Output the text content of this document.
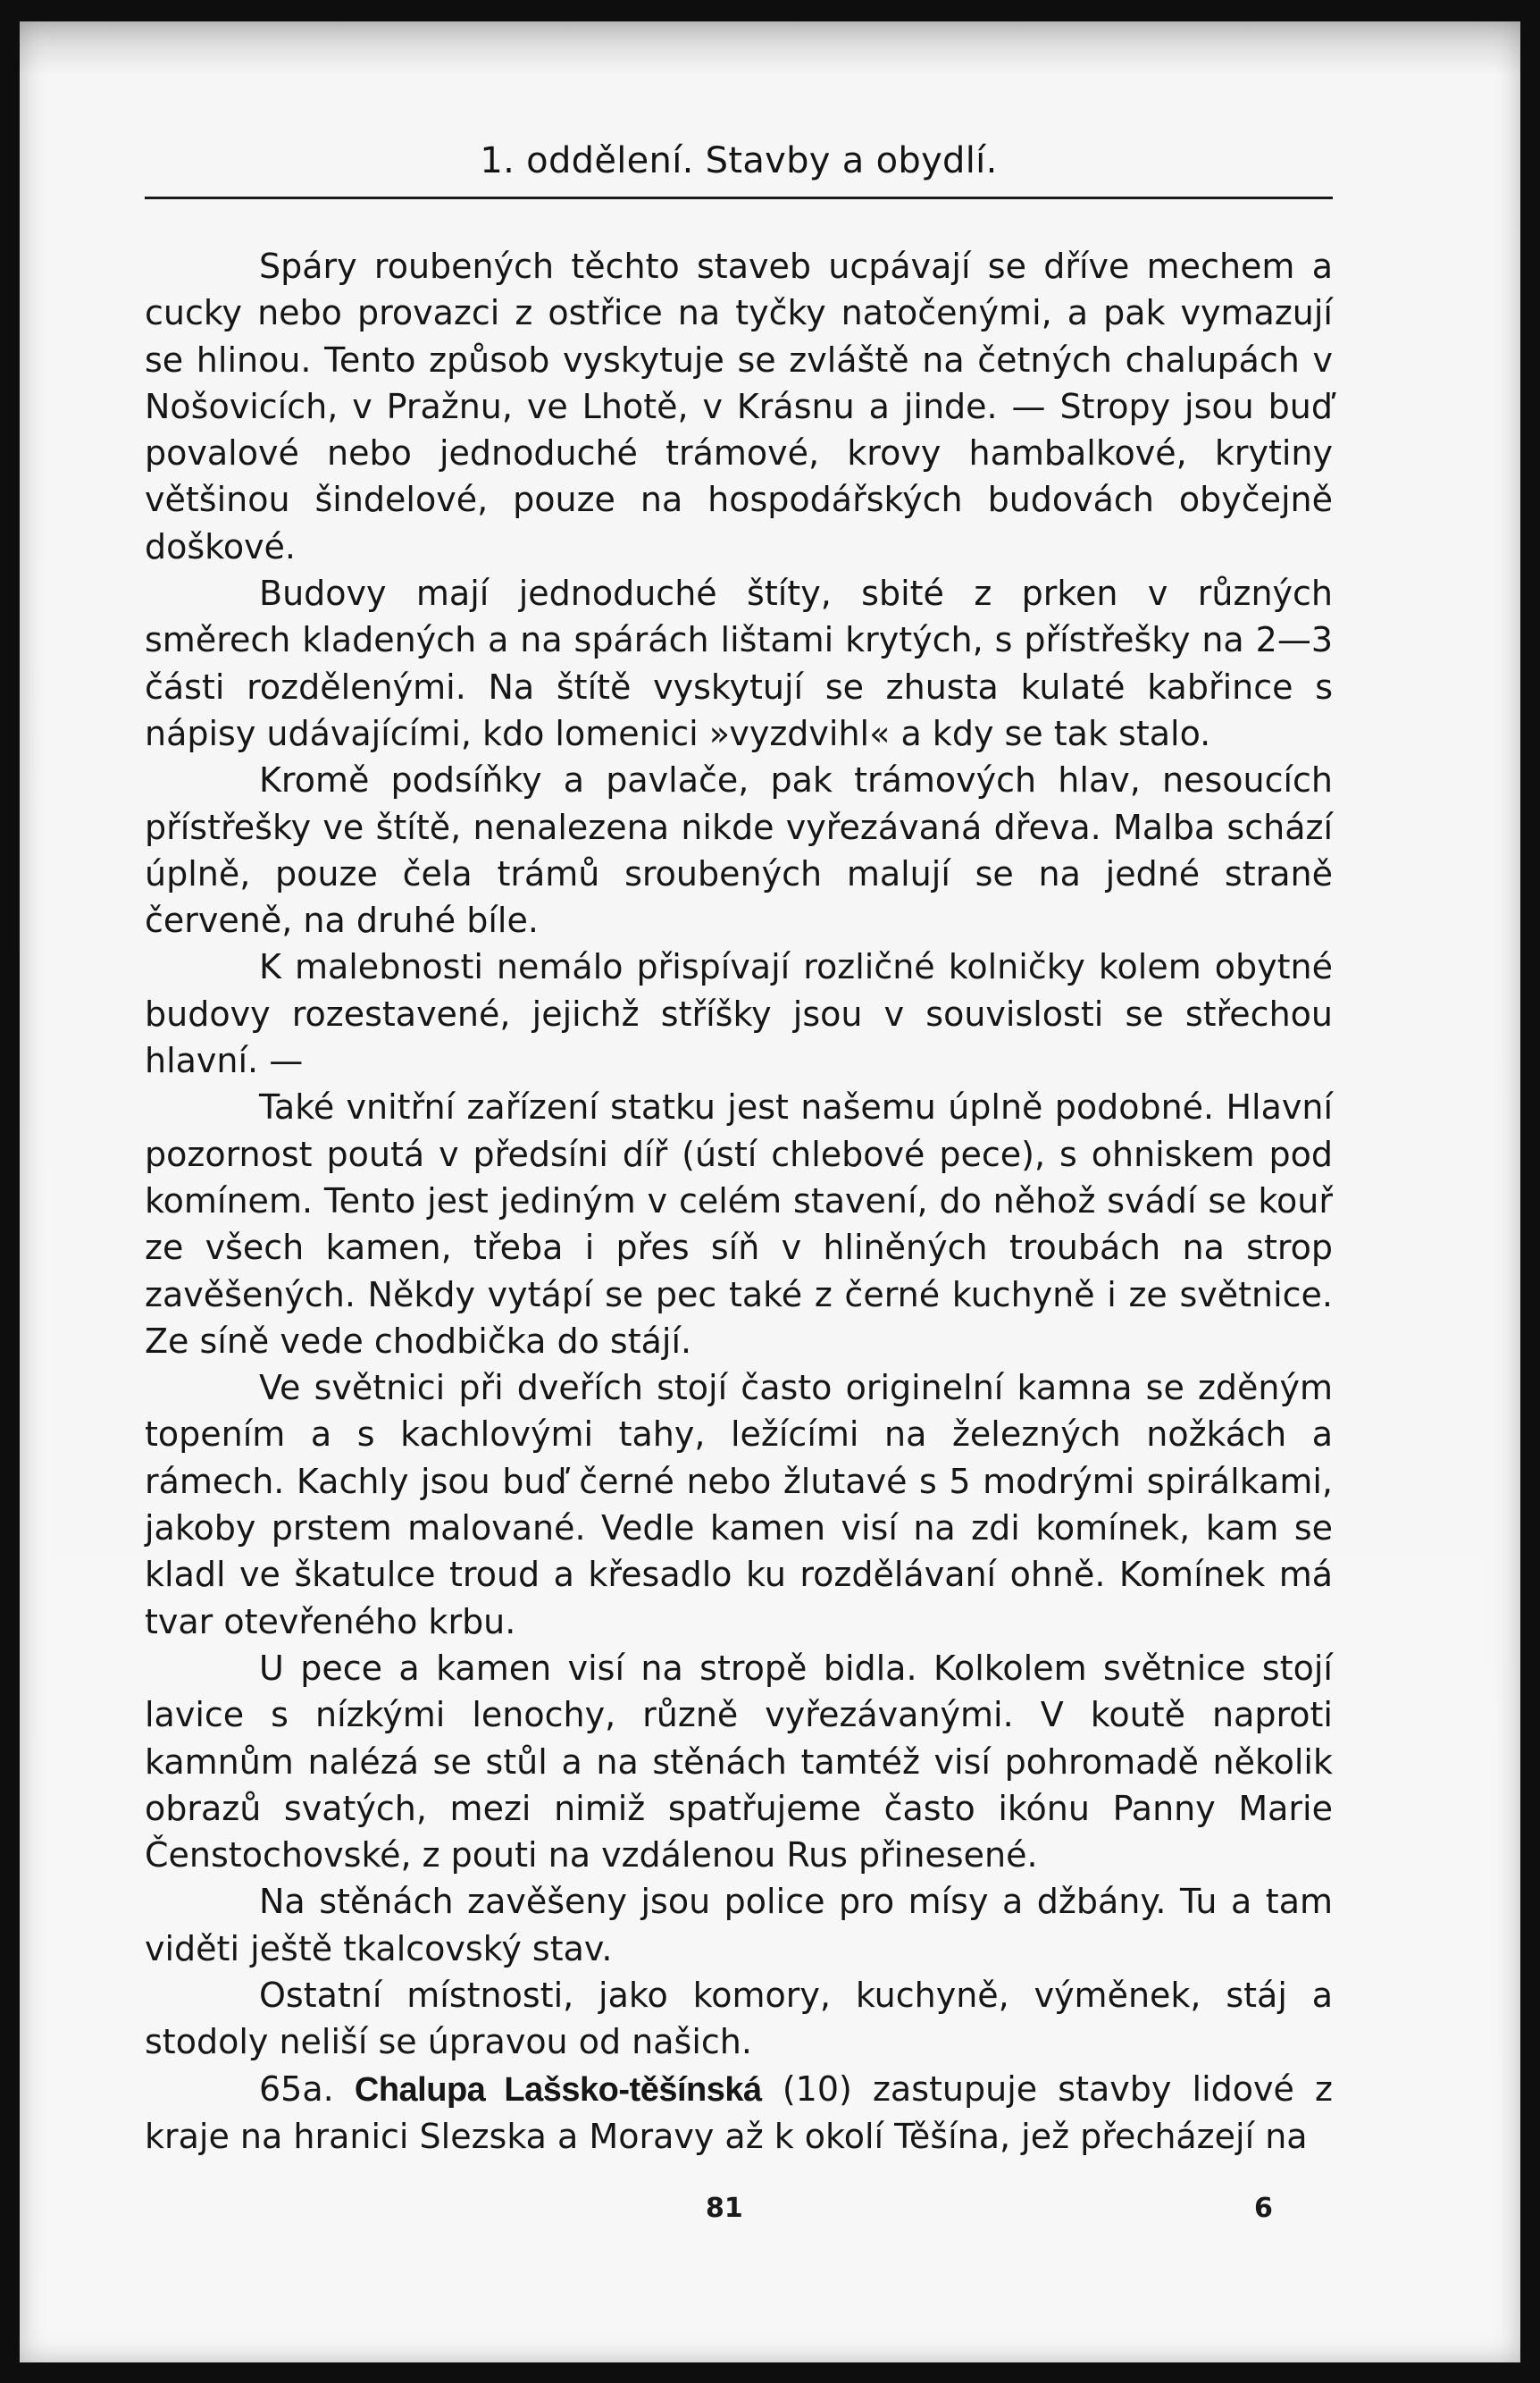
1. oddělení. Stavby a obydlí.

Spáry roubených těchto staveb ucpávají se dříve mechem a cucky nebo provazci z ostřice na tyčky natočenými, a pak vymazují se hlinou. Tento způsob vyskytuje se zvláště na četných chalupách v Nošovicích, v Pražnu, ve Lhotě, v Krásnu a jinde. — Stropy jsou buď povalové nebo jednoduché trámové, krovy hambalkové, krytiny většinou šindelové, pouze na hospodářských budovách obyčejně doškové.

Budovy mají jednoduché štíty, sbité z prken v různých směrech kladených a na spárách lištami krytých, s přístřešky na 2—3 části rozdělenými. Na štítě vyskytují se zhusta kulaté kabřince s nápisy udávajícími, kdo lomenici »vyzdvihl« a kdy se tak stalo.

Kromě podsíňky a pavlače, pak trámových hlav, nesoucích přístřešky ve štítě, nenalezena nikde vyřezávaná dřeva. Malba schází úplně, pouze čela trámů sroubených malují se na jedné straně červeně, na druhé bíle.

K malebnosti nemálo přispívají rozličné kolničky kolem obytné budovy rozestavené, jejichž stříšky jsou v souvislosti se střechou hlavní. —

Také vnitřní zařízení statku jest našemu úplně podobné. Hlavní pozornost poutá v předsíni díř (ústí chlebové pece), s ohniskem pod komínem. Tento jest jediným v celém stavení, do něhož svádí se kouř ze všech kamen, třeba i přes síň v hliněných troubách na strop zavěšených. Někdy vytápí se pec také z černé kuchyně i ze světnice. Ze síně vede chodbička do stájí.

Ve světnici při dveřích stojí často originelní kamna se zděným topením a s kachlovými tahy, ležícími na železných nožkách a rámech. Kachly jsou buď černé nebo žlutavé s 5 modrými spirálkami, jakoby prstem malované. Vedle kamen visí na zdi komínek, kam se kladl ve škatulce troud a křesadlo ku rozdělávaní ohně. Komínek má tvar otevřeného krbu.

U pece a kamen visí na stropě bidla. Kolkolem světnice stojí lavice s nízkými lenochy, různě vyřezávanými. V koutě naproti kamnům nalézá se stůl a na stěnách tamtéž visí pohromadě několik obrazů svatých, mezi nimiž spatřujeme často ikónu Panny Marie Čenstochovské, z pouti na vzdálenou Rus přinesené.

Na stěnách zavěšeny jsou police pro mísy a džbány. Tu a tam viděti ještě tkalcovský stav.

Ostatní místnosti, jako komory, kuchyně, výměnek, stáj a stodoly neliší se úpravou od našich.

65a. Chalupa Lašsko-těšínská (10) zastupuje stavby lidové z kraje na hranici Slezska a Moravy až k okolí Těšína, jež přecházejí na

81	6
